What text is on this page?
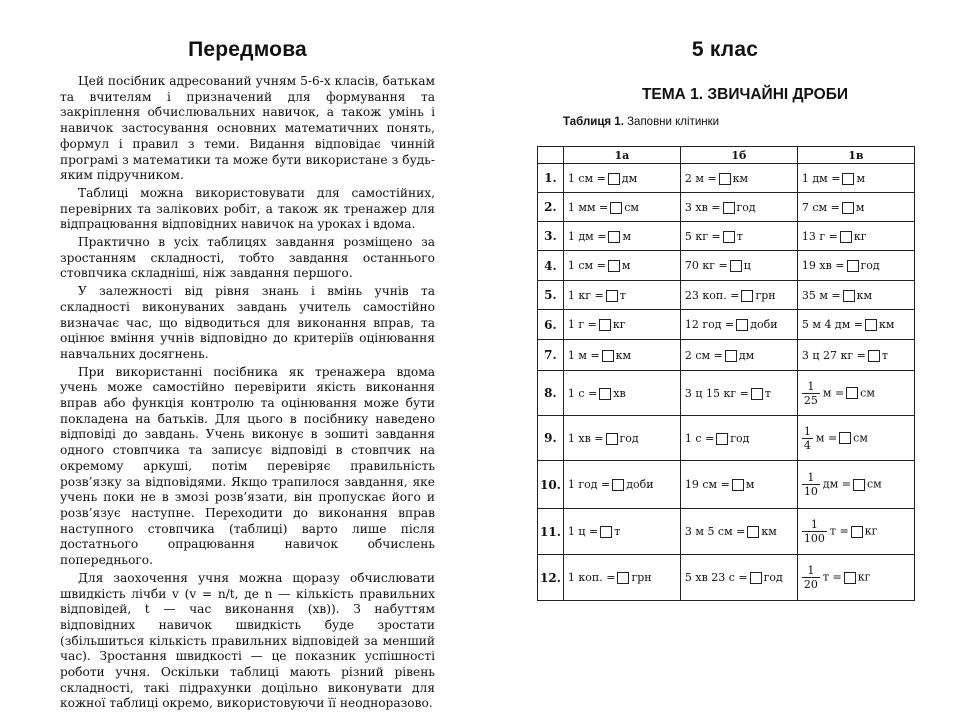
Передмова

Цей посібник адресований учням 5-6-х класів, батькам та вчителям і призначений для формування та закріплення обчислювальних навичок, а також умінь і навичок застосування основних математичних понять, формул і правил з теми. Видання відповідає чинній програмі з математики та може бути використане з будь-яким підручником.

Таблиці можна використовувати для самостійних, перевірних та залікових робіт, а також як тренажер для відпрацювання відповідних навичок на уроках і вдома.

Практично в усіх таблицях завдання розміщено за зростанням складності, тобто завдання останнього стовпчика складніші, ніж завдання першого.

У залежності від рівня знань і вмінь учнів та складності виконуваних завдань учитель самостійно визначає час, що відводиться для виконання вправ, та оцінює вміння учнів відповідно до критеріїв оцінювання навчальних досягнень.

При використанні посібника як тренажера вдома учень може самостійно перевірити якість виконання вправ або функція контролю та оцінювання може бути покладена на батьків. Для цього в посібнику наведено відповіді до завдань. Учень виконує в зошиті завдання одного стовпчика та записує відповіді в стовпчик на окремому аркуші, потім перевіряє правильність розв’язку за відповідями. Якщо трапилося завдання, яке учень поки не в змозі розв’язати, він пропускає його и розв’язує наступне. Переходити до виконання вправ наступного стовпчика (таблиці) варто лише після достатнього опрацювання навичок обчислень попереднього.

Для заохочення учня можна щоразу обчислювати швидкість лічби v (v = n/t, де n — кількість правильних відповідей, t — час виконання (хв)). З набуттям відповідних навичок швидкість буде зростати (збільшиться кількість правильних відповідей за менший час). Зростання швидкості — це показник успішності роботи учня. Оскільки таблиці мають різний рівень складності, такі підрахунки доцільно виконувати для кожної таблиці окремо, використовуючи її неодноразово.

5 клас
ТЕМА 1. ЗВИЧАЙНІ ДРОБИ
Таблиця 1. Заповни клітинки
	1а	1б	1в
1.	1 см = дм	2 м = км	1 дм = м
2.	1 мм = см	3 хв = год	7 см = м
3.	1 дм = м	5 кг = т	13 г = кг
4.	1 см = м	70 кг = ц	19 хв = год
5.	1 кг = т	23 коп. = грн	35 м = км
6.	1 г = кг	12 год = доби	5 м 4 дм = км
7.	1 м = км	2 см = дм	3 ц 27 кг = т
8.	1 с = хв	3 ц 15 кг = т	$\frac{1}{25}$ м = см
9.	1 хв = год	1 с = год	$\frac{1}{4}$ м = см
10.	1 год = доби	19 см = м	$\frac{1}{10}$ дм = см
11.	1 ц = т	3 м 5 см = км	$\frac{1}{100}$ т = кг
12.	1 коп. = грн	5 хв 23 с = год	$\frac{1}{20}$ т = кг
